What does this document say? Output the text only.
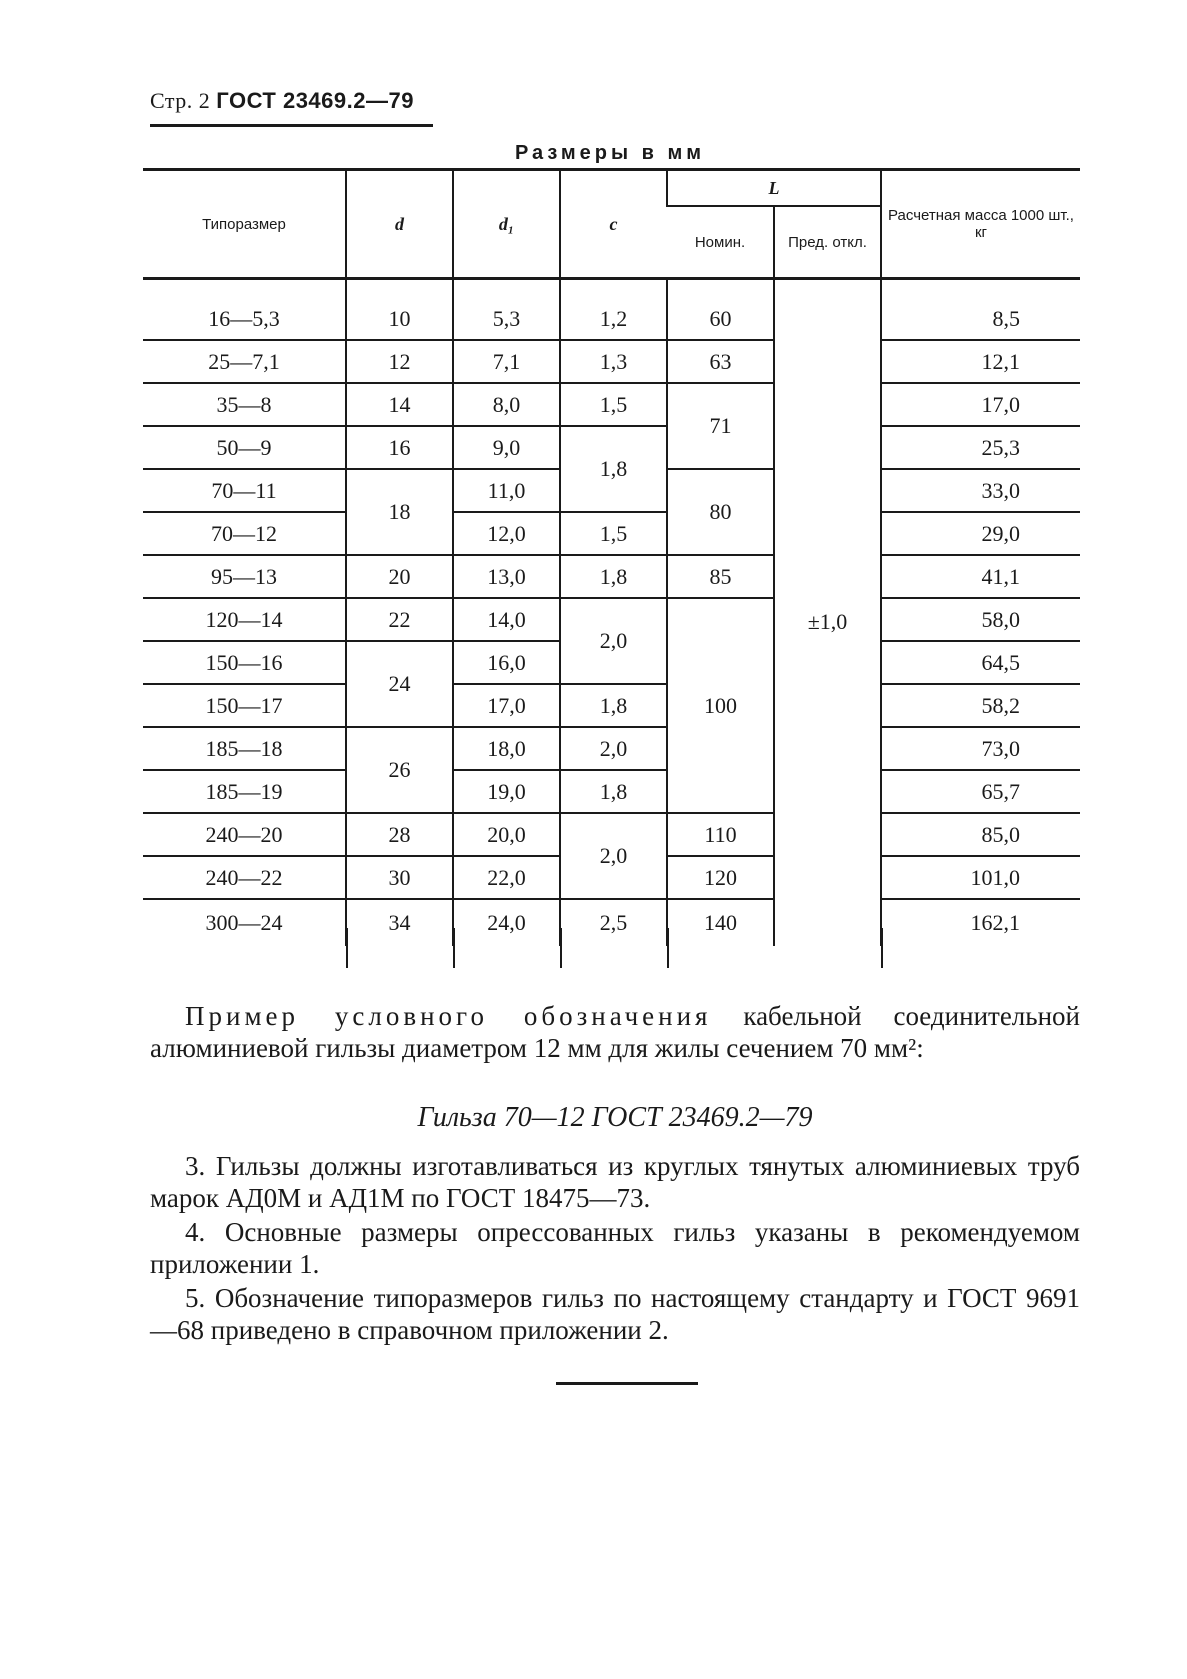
Стр. 2 ГОСТ 23469.2—79
Размеры в мм
Типоразмер	d	d₁	c	L		Расчетная масса 1000 шт., кг
				Номин.	Пред. откл.	
16—5,3	10	5,3	1,2	60	±1,0	8,5
25—7,1	12	7,1	1,3	63		12,1
35—8	14	8,0	1,5	71		17,0
50—9	16	9,0	1,8			25,3
70—11	18	11,0		80		33,0
70—12		12,0	1,5			29,0
95—13	20	13,0	1,8	85		41,1
120—14	22	14,0	2,0	100		58,0
150—16	24	16,0				64,5
150—17		17,0	1,8			58,2
185—18	26	18,0	2,0			73,0
185—19		19,0	1,8			65,7
240—20	28	20,0	2,0	110		85,0
240—22	30	22,0		120		101,0
300—24	34	24,0	2,5	140		162,1

Пример условного обозначения кабельной соединительной алюминиевой гильзы диаметром 12 мм для жилы сечением 70 мм²:

Гильза 70—12 ГОСТ 23469.2—79

3. Гильзы должны изготавливаться из круглых тянутых алюминиевых труб марок АД0М и АД1М по ГОСТ 18475—73.

4. Основные размеры опрессованных гильз указаны в рекомендуемом приложении 1.

5. Обозначение типоразмеров гильз по настоящему стандарту и ГОСТ 9691—68 приведено в справочном приложении 2.
